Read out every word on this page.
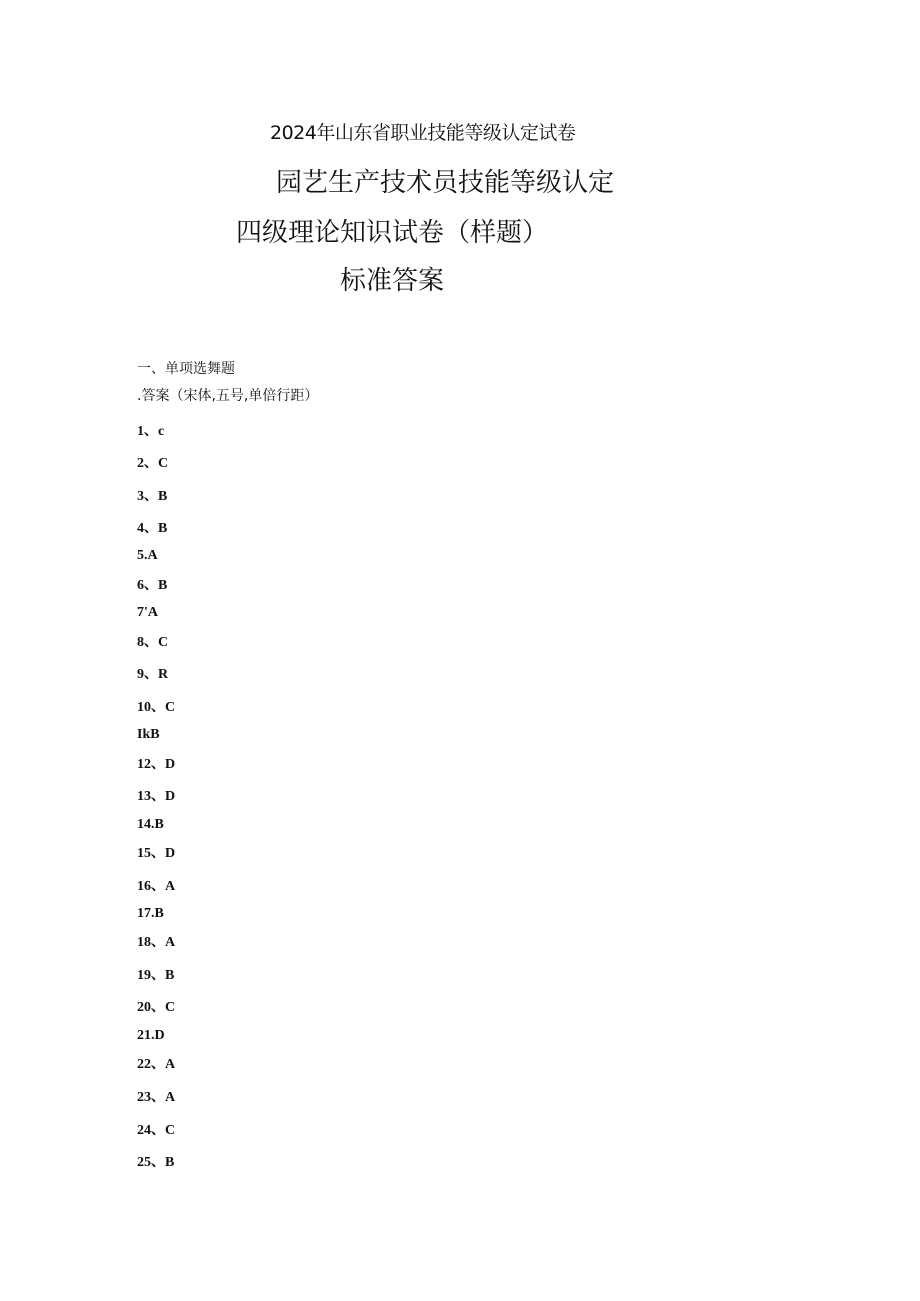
2024年山东省职业技能等级认定试卷
园艺生产技术员技能等级认定
四级理论知识试卷（样题）
标准答案
一、单项选舞题
.答案（宋体,五号,单倍行距）
1、c
2、C
3、B
4、B
5.A
6、B
7'A
8、C
9、R
10、C
IkB
12、D
13、D
14.B
15、D
16、A
17.B
18、A
19、B
20、C
21.D
22、A
23、A
24、C
25、B
